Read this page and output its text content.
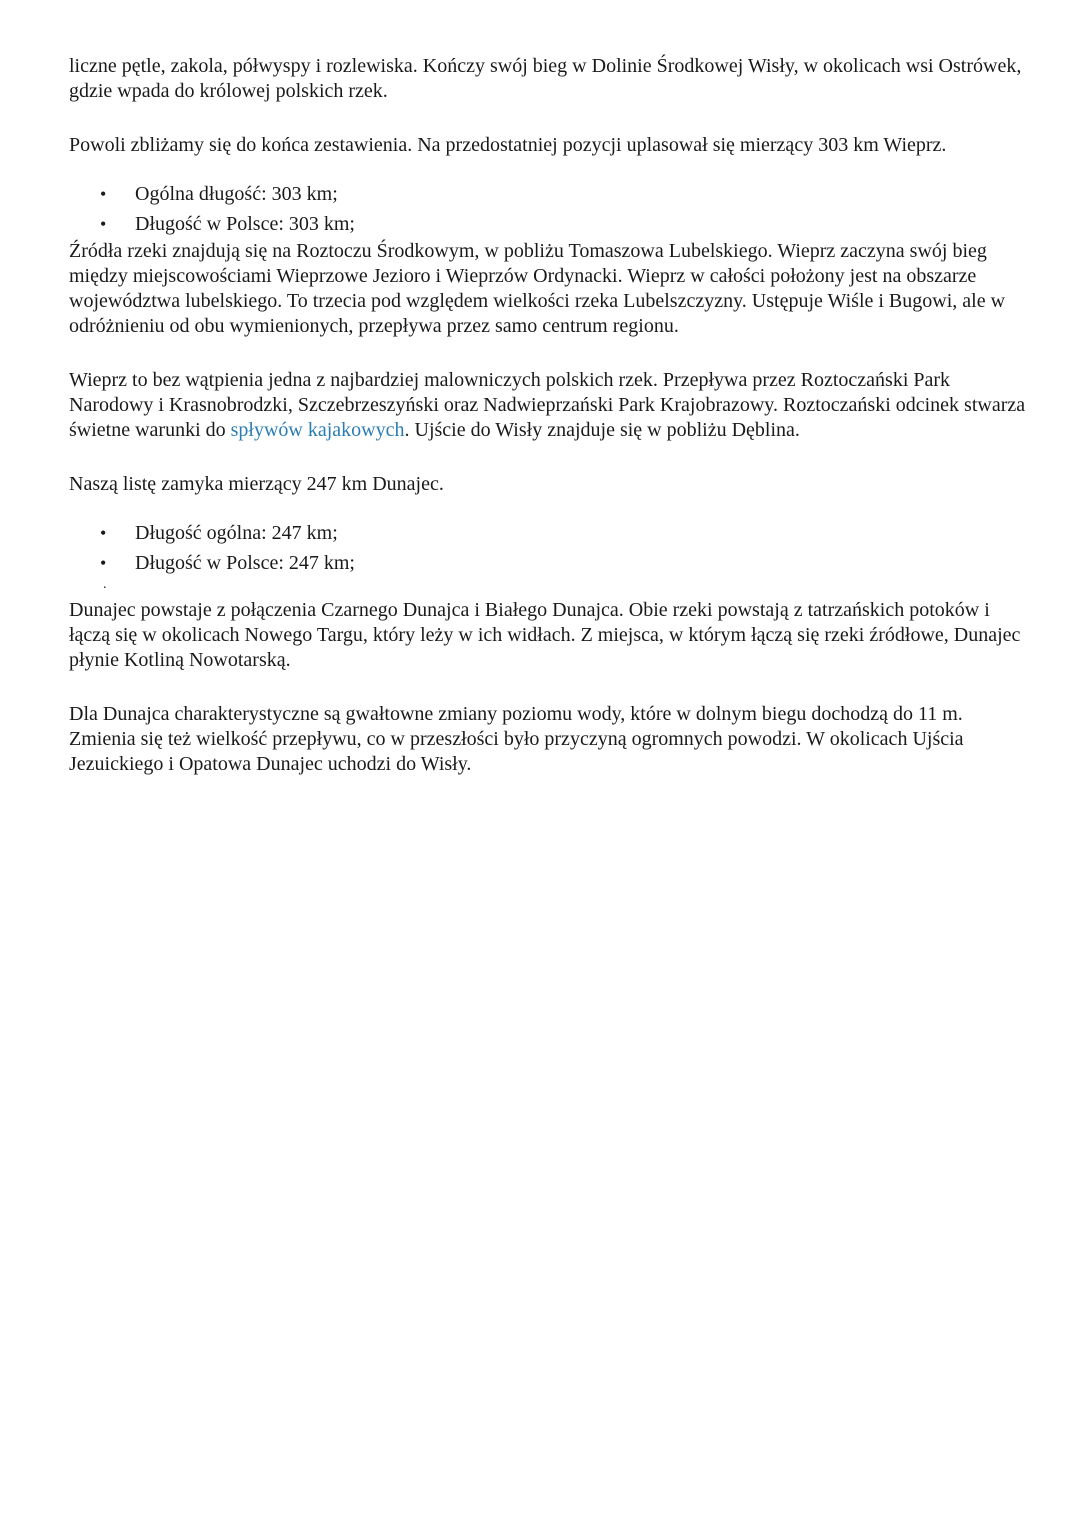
liczne pętle, zakola, półwyspy i rozlewiska. Kończy swój bieg w Dolinie Środkowej Wisły, w okolicach wsi Ostrówek, gdzie wpada do królowej polskich rzek.

Powoli zbliżamy się do końca zestawienia. Na przedostatniej pozycji uplasował się mierzący 303 km Wieprz.

• Ogólna długość: 303 km;
• Długość w Polsce: 303 km;

Źródła rzeki znajdują się na Roztoczu Środkowym, w pobliżu Tomaszowa Lubelskiego. Wieprz zaczyna swój bieg między miejscowościami Wieprzowe Jezioro i Wieprzów Ordynacki. Wieprz w całości położony jest na obszarze województwa lubelskiego. To trzecia pod względem wielkości rzeka Lubelszczyzny. Ustępuje Wiśle i Bugowi, ale w odróżnieniu od obu wymienionych, przepływa przez samo centrum regionu.

Wieprz to bez wątpienia jedna z najbardziej malowniczych polskich rzek. Przepływa przez Roztoczański Park Narodowy i Krasnobrodzki, Szczebrzeszyński oraz Nadwieprzański Park Krajobrazowy. Roztoczański odcinek stwarza świetne warunki do spływów kajakowych. Ujście do Wisły znajduje się w pobliżu Dęblina.

Naszą listę zamyka mierzący 247 km Dunajec.

• Długość ogólna: 247 km;
• Długość w Polsce: 247 km;
.

Dunajec powstaje z połączenia Czarnego Dunajca i Białego Dunajca. Obie rzeki powstają z tatrzańskich potoków i łączą się w okolicach Nowego Targu, który leży w ich widłach. Z miejsca, w którym łączą się rzeki źródłowe, Dunajec płynie Kotliną Nowotarską.

Dla Dunajca charakterystyczne są gwałtowne zmiany poziomu wody, które w dolnym biegu dochodzą do 11 m. Zmienia się też wielkość przepływu, co w przeszłości było przyczyną ogromnych powodzi. W okolicach Ujścia Jezuickiego i Opatowa Dunajec uchodzi do Wisły.
